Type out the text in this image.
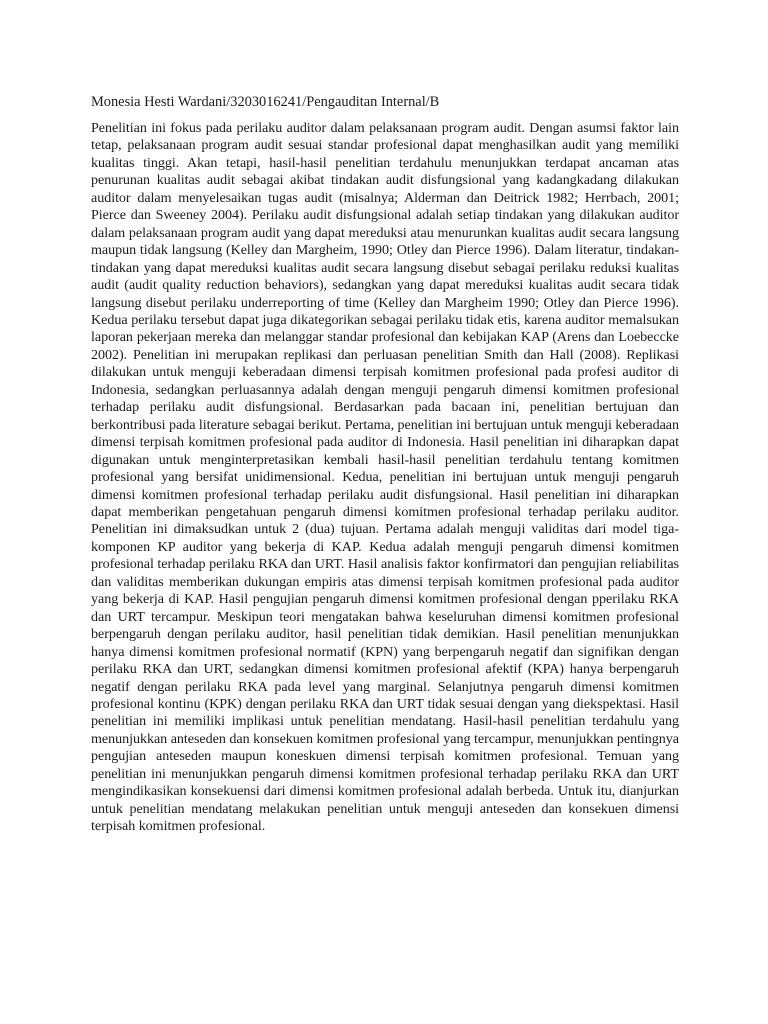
Monesia Hesti Wardani/3203016241/Pengauditan Internal/B

Penelitian ini fokus pada perilaku auditor dalam pelaksanaan program audit. Dengan asumsi faktor lain tetap, pelaksanaan program audit sesuai standar profesional dapat menghasilkan audit yang memiliki kualitas tinggi. Akan tetapi, hasil-hasil penelitian terdahulu menunjukkan terdapat ancaman atas penurunan kualitas audit sebagai akibat tindakan audit disfungsional yang kadangkadang dilakukan auditor dalam menyelesaikan tugas audit (misalnya; Alderman dan Deitrick 1982; Herrbach, 2001; Pierce dan Sweeney 2004). Perilaku audit disfungsional adalah setiap tindakan yang dilakukan auditor dalam pelaksanaan program audit yang dapat mereduksi atau menurunkan kualitas audit secara langsung maupun tidak langsung (Kelley dan Margheim, 1990; Otley dan Pierce 1996). Dalam literatur, tindakan-tindakan yang dapat mereduksi kualitas audit secara langsung disebut sebagai perilaku reduksi kualitas audit (audit quality reduction behaviors), sedangkan yang dapat mereduksi kualitas audit secara tidak langsung disebut perilaku underreporting of time (Kelley dan Margheim 1990; Otley dan Pierce 1996). Kedua perilaku tersebut dapat juga dikategorikan sebagai perilaku tidak etis, karena auditor memalsukan laporan pekerjaan mereka dan melanggar standar profesional dan kebijakan KAP (Arens dan Loebeccke 2002). Penelitian ini merupakan replikasi dan perluasan penelitian Smith dan Hall (2008). Replikasi dilakukan untuk menguji keberadaan dimensi terpisah komitmen profesional pada profesi auditor di Indonesia, sedangkan perluasannya adalah dengan menguji pengaruh dimensi komitmen profesional terhadap perilaku audit disfungsional. Berdasarkan pada bacaan ini, penelitian bertujuan dan berkontribusi pada literature sebagai berikut. Pertama, penelitian ini bertujuan untuk menguji keberadaan dimensi terpisah komitmen profesional pada auditor di Indonesia. Hasil penelitian ini diharapkan dapat digunakan untuk menginterpretasikan kembali hasil-hasil penelitian terdahulu tentang komitmen profesional yang bersifat unidimensional. Kedua, penelitian ini bertujuan untuk menguji pengaruh dimensi komitmen profesional terhadap perilaku audit disfungsional. Hasil penelitian ini diharapkan dapat memberikan pengetahuan pengaruh dimensi komitmen profesional terhadap perilaku auditor. Penelitian ini dimaksudkan untuk 2 (dua) tujuan. Pertama adalah menguji validitas dari model tiga-komponen KP auditor yang bekerja di KAP. Kedua adalah menguji pengaruh dimensi komitmen profesional terhadap perilaku RKA dan URT. Hasil analisis faktor konfirmatori dan pengujian reliabilitas dan validitas memberikan dukungan empiris atas dimensi terpisah komitmen profesional pada auditor yang bekerja di KAP. Hasil pengujian pengaruh dimensi komitmen profesional dengan pperilaku RKA dan URT tercampur. Meskipun teori mengatakan bahwa keseluruhan dimensi komitmen profesional berpengaruh dengan perilaku auditor, hasil penelitian tidak demikian. Hasil penelitian menunjukkan hanya dimensi komitmen profesional normatif (KPN) yang berpengaruh negatif dan signifikan dengan perilaku RKA dan URT, sedangkan dimensi komitmen profesional afektif (KPA) hanya berpengaruh negatif dengan perilaku RKA pada level yang marginal. Selanjutnya pengaruh dimensi komitmen profesional kontinu (KPK) dengan perilaku RKA dan URT tidak sesuai dengan yang diekspektasi. Hasil penelitian ini memiliki implikasi untuk penelitian mendatang. Hasil-hasil penelitian terdahulu yang menunjukkan anteseden dan konsekuen komitmen profesional yang tercampur, menunjukkan pentingnya pengujian anteseden maupun koneskuen dimensi terpisah komitmen profesional. Temuan yang penelitian ini menunjukkan pengaruh dimensi komitmen profesional terhadap perilaku RKA dan URT mengindikasikan konsekuensi dari dimensi komitmen profesional adalah berbeda. Untuk itu, dianjurkan untuk penelitian mendatang melakukan penelitian untuk menguji anteseden dan konsekuen dimensi terpisah komitmen profesional.
